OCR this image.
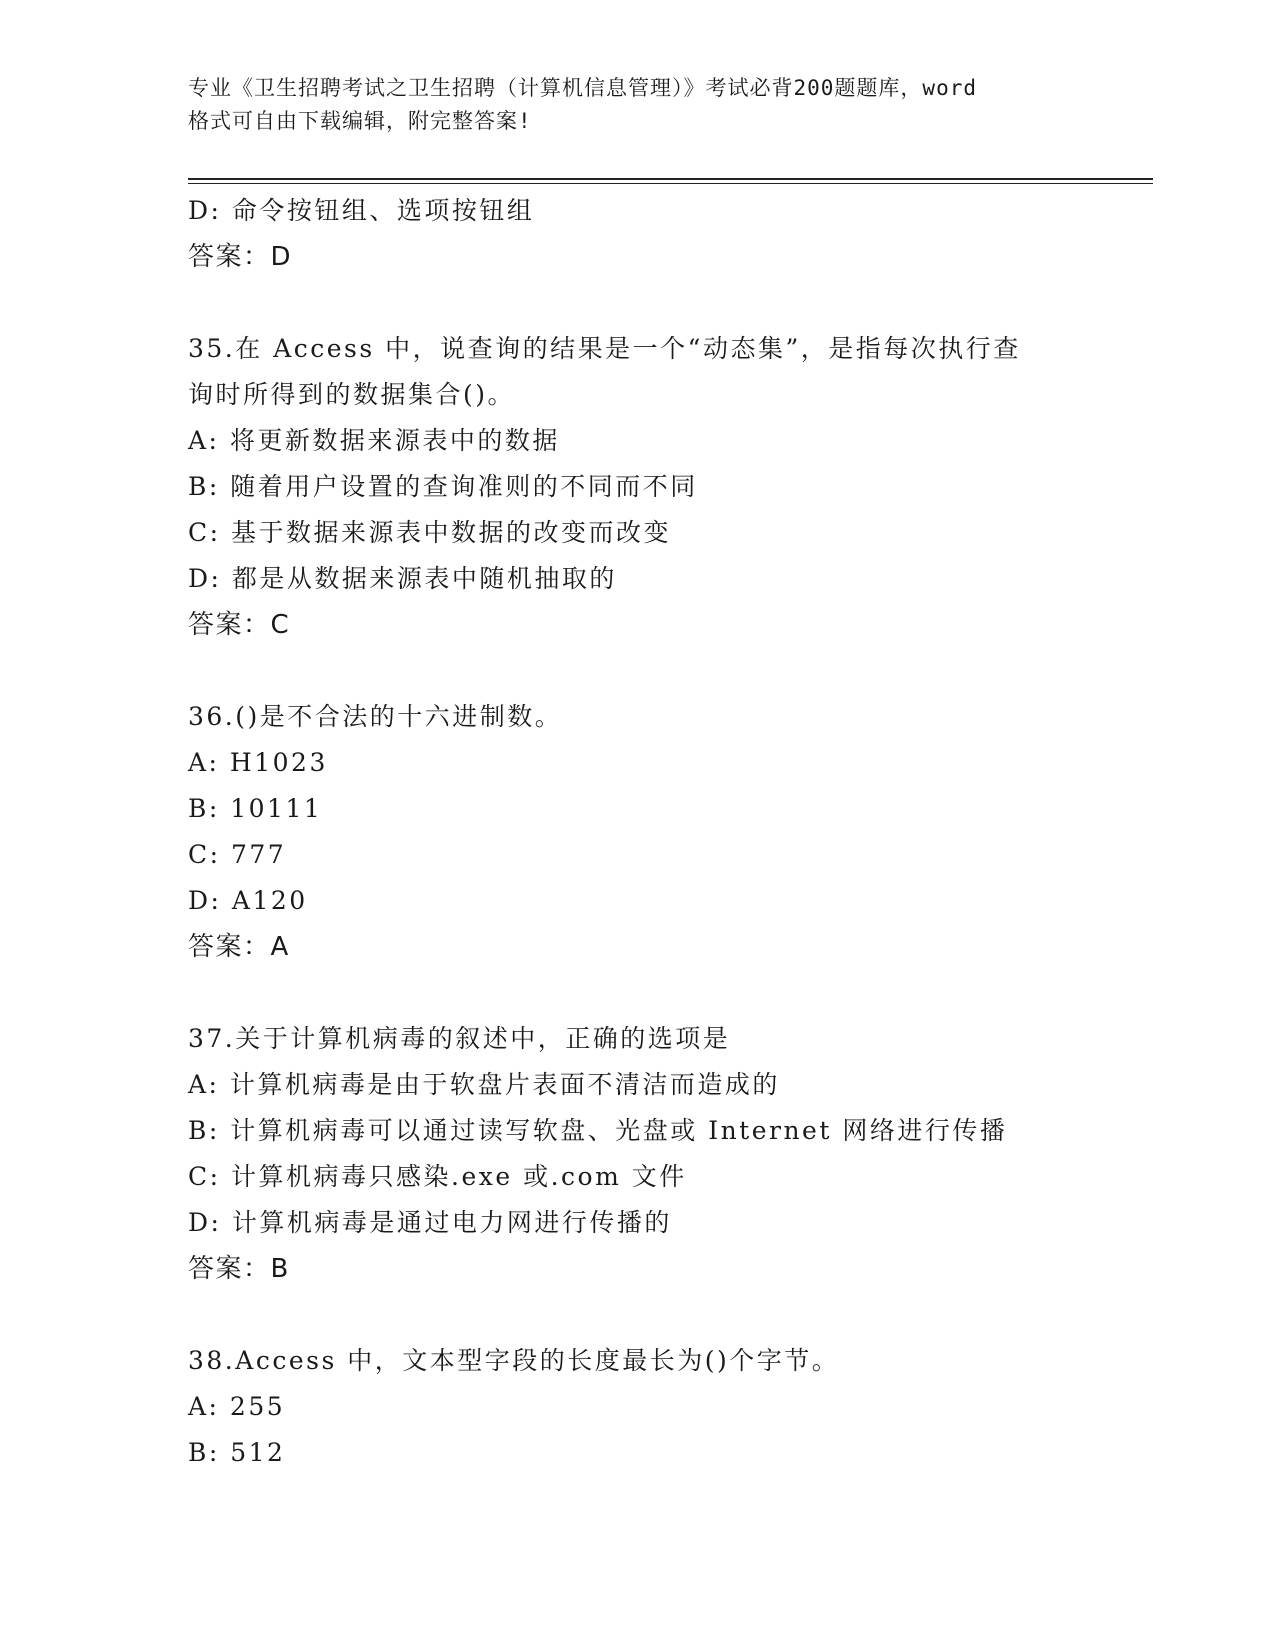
专业《卫生招聘考试之卫生招聘（计算机信息管理）》考试必背200题题库，word
格式可自由下载编辑，附完整答案!
D: 命令按钮组、选项按钮组
答案：D
35.在 Access 中，说查询的结果是一个“动态集”，是指每次执行查
询时所得到的数据集合()。
A: 将更新数据来源表中的数据
B: 随着用户设置的查询准则的不同而不同
C: 基于数据来源表中数据的改变而改变
D: 都是从数据来源表中随机抽取的
答案：C
36.()是不合法的十六进制数。
A: H1023
B: 10111
C: 777
D: A120
答案：A
37.关于计算机病毒的叙述中，正确的选项是
A: 计算机病毒是由于软盘片表面不清洁而造成的
B: 计算机病毒可以通过读写软盘、光盘或 Internet 网络进行传播
C: 计算机病毒只感染.exe 或.com 文件
D: 计算机病毒是通过电力网进行传播的
答案：B
38.Access 中，文本型字段的长度最长为()个字节。
A: 255
B: 512
